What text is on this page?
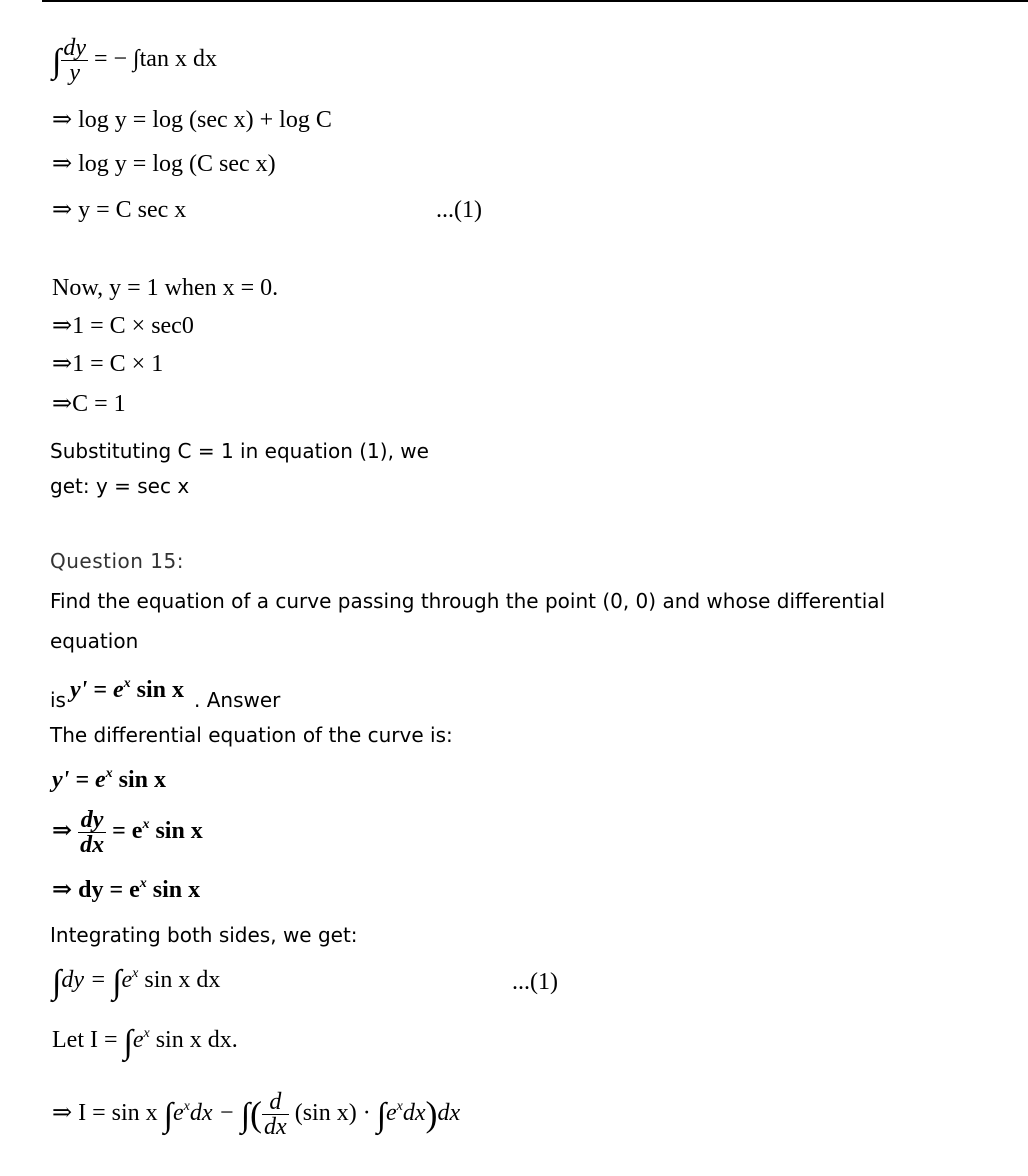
∫ $\frac{dy}{y}$ = − ∫tan x dx
⇒ log y = log (sec x) + log C
⇒ log y = log (C sec x)
⇒ y = C sec x	...(1)
Now, y = 1 when x = 0.
⇒1 = C × sec0
⇒1 = C × 1
⇒C = 1
Substituting C = 1 in equation (1), we
get: y = sec x
Question 15:
Find the equation of a curve passing through the point (0, 0) and whose differential
equation
is $y' = e^x$ sin x . Answer
The differential equation of the curve is:
$y' = e^x$ sin x
⇒ $\frac{dy}{dx} = e^x$ sin x
⇒ dy = $e^x$ sin x
Integrating both sides, we get:
$\int dy = \int e^x$ sin x dx	...(1)
Let $I = \int e^x$ sin x dx.
⇒ I = sin x $\int e^xdx$ − ∫( $\frac{d}{dx} (\sin$ $x) \cdot \int e^xdx)dx$
